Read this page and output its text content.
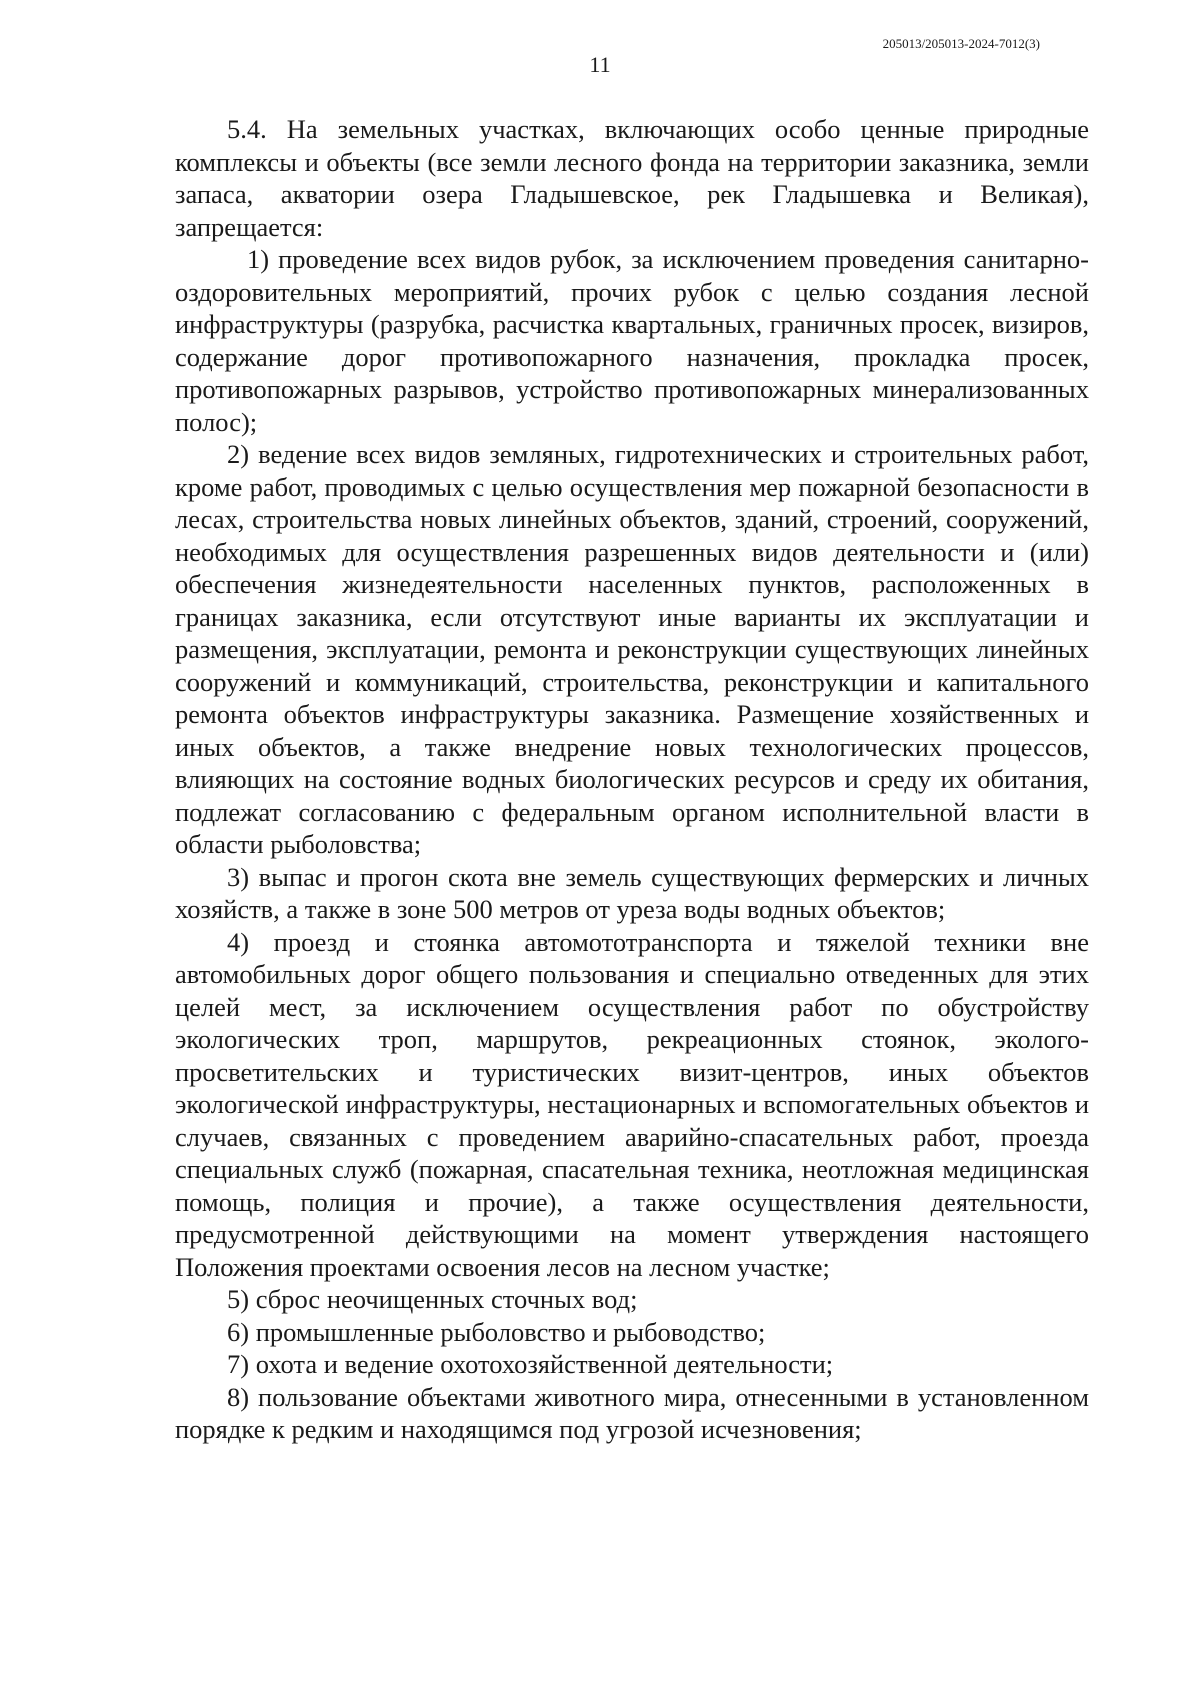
205013/205013-2024-7012(3)
11

5.4. На земельных участках, включающих особо ценные природные комплексы и объекты (все земли лесного фонда на территории заказника, земли запаса, акватории озера Гладышевское, рек Гладышевка и Великая), запрещается:

1) проведение всех видов рубок, за исключением проведения санитарно-оздоровительных мероприятий, прочих рубок с целью создания лесной инфраструктуры (разрубка, расчистка квартальных, граничных просек, визиров, содержание дорог противопожарного назначения, прокладка просек, противопожарных разрывов, устройство противопожарных минерализованных полос);

2) ведение всех видов земляных, гидротехнических и строительных работ, кроме работ, проводимых с целью осуществления мер пожарной безопасности в лесах, строительства новых линейных объектов, зданий, строений, сооружений, необходимых для осуществления разрешенных видов деятельности и (или) обеспечения жизнедеятельности населенных пунктов, расположенных в границах заказника, если отсутствуют иные варианты их эксплуатации и размещения, эксплуатации, ремонта и реконструкции существующих линейных сооружений и коммуникаций, строительства, реконструкции и капитального ремонта объектов инфраструктуры заказника. Размещение хозяйственных и иных объектов, а также внедрение новых технологических процессов, влияющих на состояние водных биологических ресурсов и среду их обитания, подлежат согласованию с федеральным органом исполнительной власти в области рыболовства;

3) выпас и прогон скота вне земель существующих фермерских и личных хозяйств, а также в зоне 500 метров от уреза воды водных объектов;

4) проезд и стоянка автомототранспорта и тяжелой техники вне автомобильных дорог общего пользования и специально отведенных для этих целей мест, за исключением осуществления работ по обустройству экологических троп, маршрутов, рекреационных стоянок, эколого-просветительских и туристических визит-центров, иных объектов экологической инфраструктуры, нестационарных и вспомогательных объектов и случаев, связанных с проведением аварийно-спасательных работ, проезда специальных служб (пожарная, спасательная техника, неотложная медицинская помощь, полиция и прочие), а также осуществления деятельности, предусмотренной действующими на момент утверждения настоящего Положения проектами освоения лесов на лесном участке;

5) сброс неочищенных сточных вод;

6) промышленные рыболовство и рыбоводство;

7) охота и ведение охотохозяйственной деятельности;

8) пользование объектами животного мира, отнесенными в установленном порядке к редким и находящимся под угрозой исчезновения;
